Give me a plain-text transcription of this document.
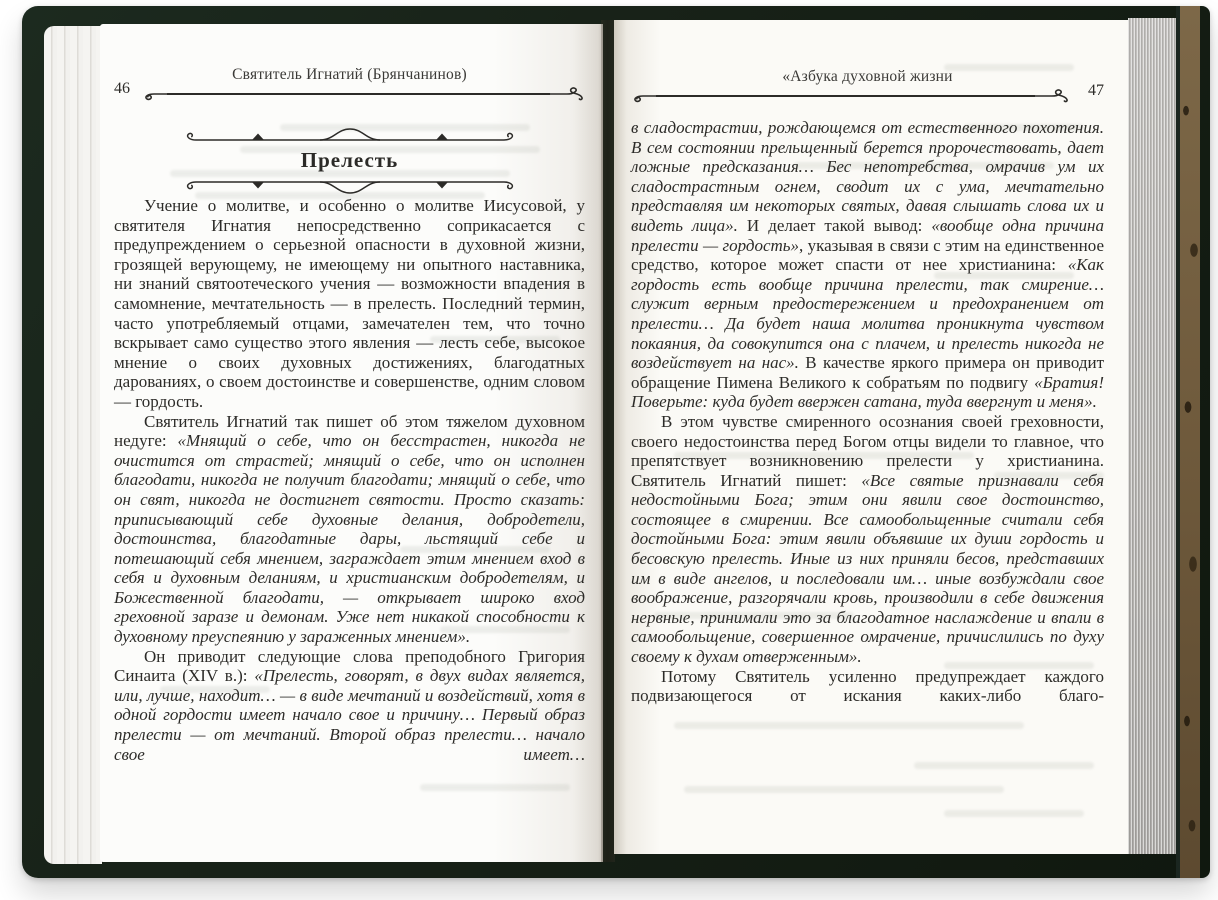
46
Святитель Игнатий (Брянчанинов)
Прелесть

Учение о молитве, и особенно о молитве Иисусовой, у святителя Игнатия непосредственно соприкасается с предупреждением о серьезной опасности в духовной жизни, грозящей верующему, не имеющему ни опытного наставника, ни знаний святоотеческого учения — возможности впадения в самомнение, мечтательность — в прелесть. Последний термин, часто употребляемый отцами, замечателен тем, что точно вскрывает само существо этого явления — лесть себе, высокое мнение о своих духовных достижениях, благодатных дарованиях, о своем достоинстве и совершенстве, одним словом — гордость.

Святитель Игнатий так пишет об этом тяжелом духовном недуге: «Мнящий о себе, что он бесстрастен, никогда не очистится от страстей; мнящий о себе, что он исполнен благодати, никогда не получит благодати; мнящий о себе, что он свят, никогда не достигнет святости. Просто сказать: приписывающий себе духовные делания, добродетели, достоинства, благодатные дары, льстящий себе и потешающий себя мнением, заграждает этим мнением вход в себя и духовным деланиям, и христианским добродетелям, и Божественной благодати, — открывает широко вход греховной заразе и демонам. Уже нет никакой способности к духовному преуспеянию у зараженных мнением».

Он приводит следующие слова преподобного Григория Синаита (XIV в.): «Прелесть, говорят, в двух видах является, или, лучше, находит… — в виде мечтаний и воздействий, хотя в одной гордости имеет начало свое и причину… Первый образ прелести — от мечтаний. Второй образ прелести… начало свое имеет…

47
«Азбука духовной жизни

в сладострастии, рождающемся от естественного похотения. В сем состоянии прельщенный берется пророчествовать, дает ложные предсказания… Бес непотребства, омрачив ум их сладострастным огнем, сводит их с ума, мечтательно представляя им некоторых святых, давая слышать слова их и видеть лица». И делает такой вывод: «вообще одна причина прелести — гордость», указывая в связи с этим на единственное средство, которое может спасти от нее христианина: «Как гордость есть вообще причина прелести, так смирение… служит верным предостережением и предохранением от прелести… Да будет наша молитва проникнута чувством покаяния, да совокупится она с плачем, и прелесть никогда не воздействует на нас». В качестве яркого примера он приводит обращение Пимена Великого к собратьям по подвигу «Братия! Поверьте: куда будет ввержен сатана, туда ввергнут и меня».

В этом чувстве смиренного осознания своей греховности, своего недостоинства перед Богом отцы видели то главное, что препятствует возникновению прелести у христианина. Святитель Игнатий пишет: «Все святые признавали себя недостойными Бога; этим они явили свое достоинство, состоящее в смирении. Все самообольщенные считали себя достойными Бога: этим явили объявшие их души гордость и бесовскую прелесть. Иные из них приняли бесов, представших им в виде ангелов, и последовали им… иные возбуждали свое воображение, разгорячали кровь, производили в себе движения нервные, принимали это за благодатное наслаждение и впали в самообольщение, совершенное омрачение, причислились по духу своему к духам отверженным».

Потому Святитель усиленно предупреждает каждого подвизающегося от искания каких-либо благо-
